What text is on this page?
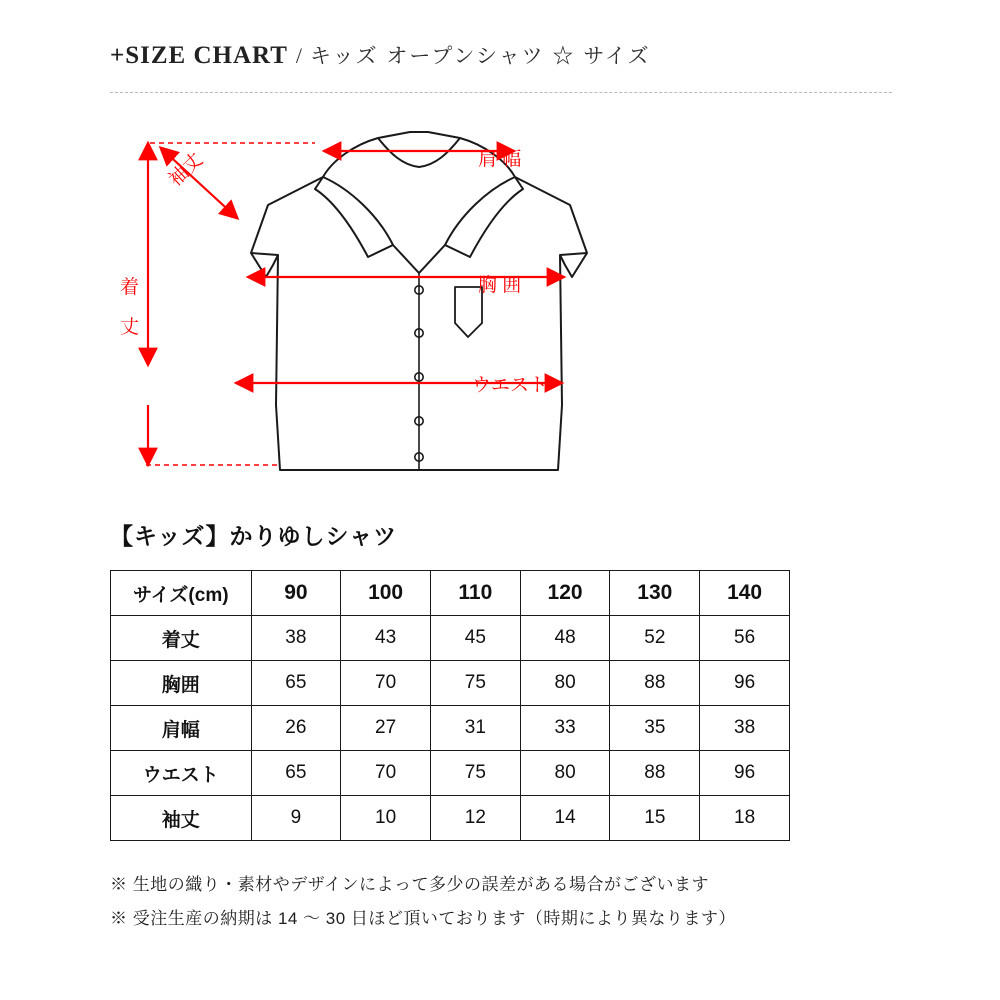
+SIZE CHART / キッズ オープンシャツ ☆ サイズ
袖丈	肩 幅
着
丈
胸 囲
ウエスト
【キッズ】かりゆしシャツ
サイズ(cm)	90	100	110	120	130	140
着丈	38	43	45	48	52	56
胸囲	65	70	75	80	88	96
肩幅	26	27	31	33	35	38
ウエスト	65	70	75	80	88	96
袖丈	9	10	12	14	15	18
※ 生地の織り・素材やデザインによって多少の誤差がある場合がございます
※ 受注生産の納期は 14 ～ 30 日ほど頂いております（時期により異なります）
